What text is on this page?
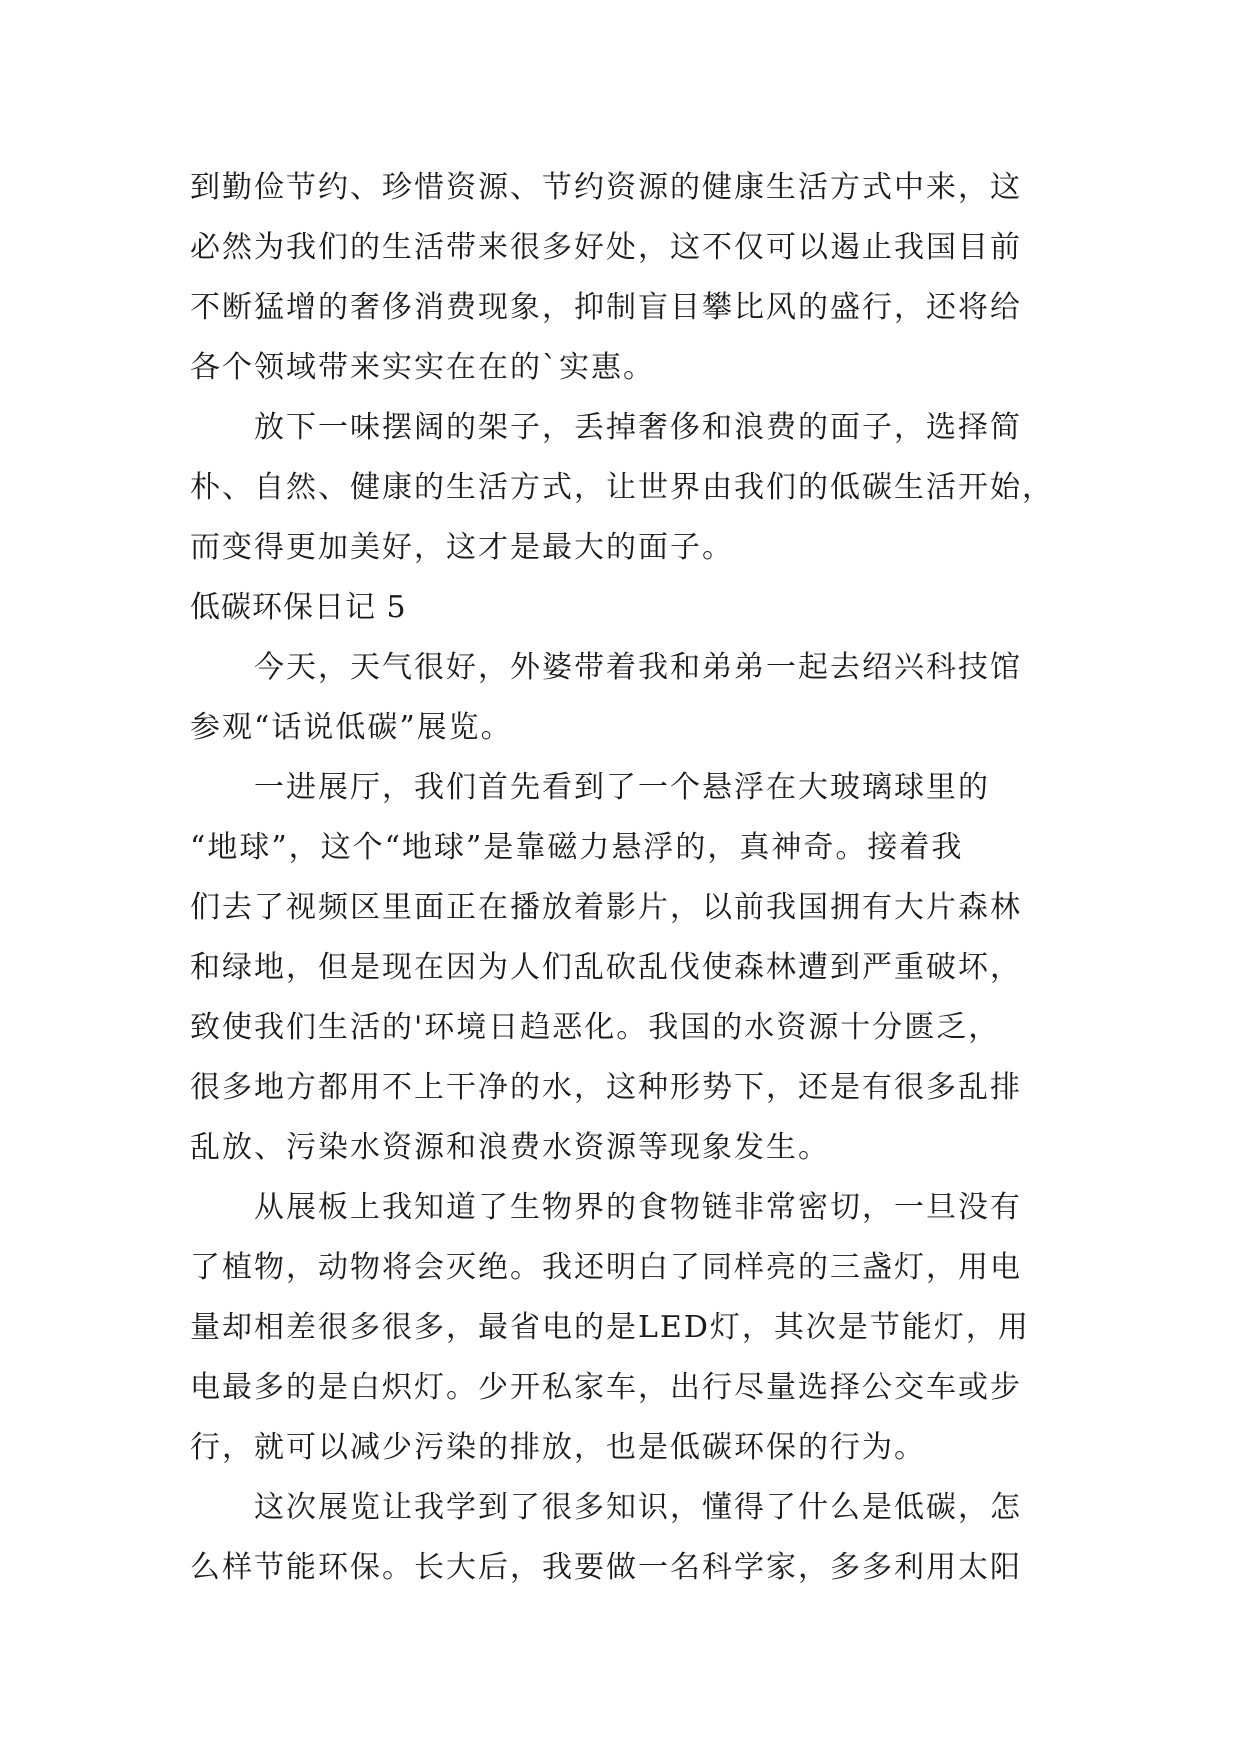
到勤俭节约、珍惜资源、节约资源的健康生活方式中来，这
必然为我们的生活带来很多好处，这不仅可以遏止我国目前
不断猛增的奢侈消费现象，抑制盲目攀比风的盛行，还将给
各个领域带来实实在在的`实惠。
放下一味摆阔的架子，丢掉奢侈和浪费的面子，选择简
朴、自然、健康的生活方式，让世界由我们的低碳生活开始，
而变得更加美好，这才是最大的面子。
低碳环保日记 5
今天，天气很好，外婆带着我和弟弟一起去绍兴科技馆
参观“话说低碳”展览。
一进展厅，我们首先看到了一个悬浮在大玻璃球里的
“地球”，这个“地球”是靠磁力悬浮的，真神奇。接着我
们去了视频区里面正在播放着影片，以前我国拥有大片森林
和绿地，但是现在因为人们乱砍乱伐使森林遭到严重破坏，
致使我们生活的'环境日趋恶化。我国的水资源十分匮乏，
很多地方都用不上干净的水，这种形势下，还是有很多乱排
乱放、污染水资源和浪费水资源等现象发生。
从展板上我知道了生物界的食物链非常密切，一旦没有
了植物，动物将会灭绝。我还明白了同样亮的三盏灯，用电
量却相差很多很多，最省电的是LED灯，其次是节能灯，用
电最多的是白炽灯。少开私家车，出行尽量选择公交车或步
行，就可以减少污染的排放，也是低碳环保的行为。
这次展览让我学到了很多知识，懂得了什么是低碳，怎
么样节能环保。长大后，我要做一名科学家，多多利用太阳
